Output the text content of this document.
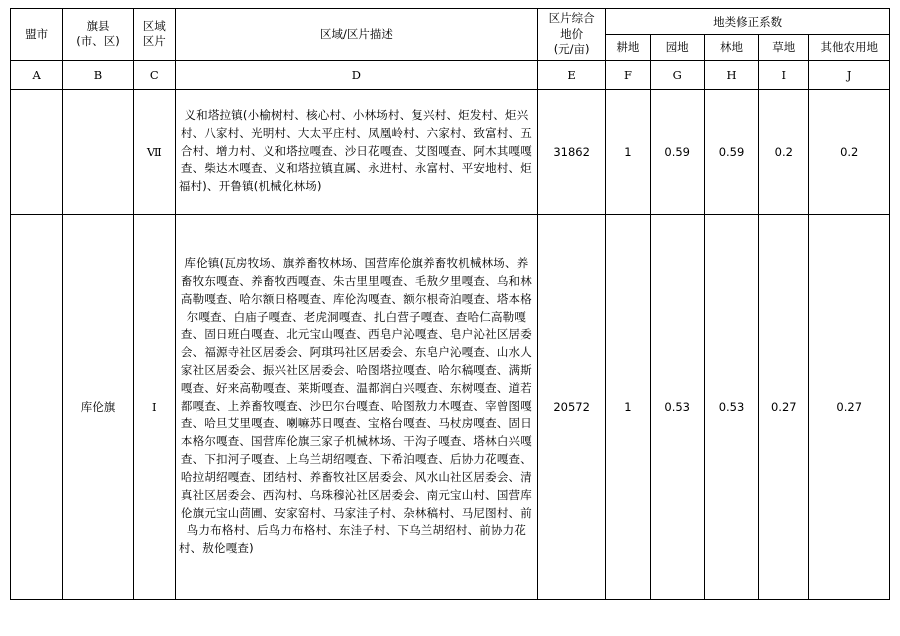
盟市	
旗县
(市、区)

区域
区片
	区域/区片描述	
区片综合
地价
(元/亩)
	地类修正系数
					耕地	园地	林地	草地	其他农用地
A	B	C	D	E	F	G	H	I	J
		Ⅶ	义和塔拉镇(小榆树村、核心村、小林场村、复兴村、炬发村、炬兴村、八家村、光明村、大太平庄村、凤凰岭村、六家村、致富村、五合村、增力村、义和塔拉嘎查、沙日花嘎查、艾图嘎查、阿木其嘎嘎查、柴达木嘎查、义和塔拉镇直属、永进村、永富村、平安地村、炬福村)、开鲁镇(机械化林场)	31862	1	0.59	0.59	0.2	0.2
	库伦旗	Ⅰ	库伦镇(瓦房牧场、旗养畜牧林场、国营库伦旗养畜牧机械林场、养畜牧东嘎查、养畜牧西嘎查、朱古里里嘎查、毛敖夕里嘎查、乌和林高勒嘎查、哈尔额日格嘎查、库伦沟嘎查、额尔根奇泊嘎查、塔本格尔嘎查、白庙子嘎查、老虎洞嘎查、扎白营子嘎查、查哈仁高勒嘎查、固日班白嘎查、北元宝山嘎查、西皂户沁嘎查、皂户沁社区居委会、福源寺社区居委会、阿琪玛社区居委会、东皂户沁嘎查、山水人家社区居委会、振兴社区居委会、哈图塔拉嘎查、哈尔稿嘎查、满斯嘎查、好来高勒嘎查、莱斯嘎查、温都润白兴嘎查、东树嘎查、道若都嘎查、上养畜牧嘎查、沙巴尔台嘎查、哈图敖力木嘎查、宰曾图嘎查、哈旦艾里嘎查、喇嘛苏日嘎查、宝格台嘎查、马杖房嘎查、固日本格尔嘎查、国营库伦旗三家子机械林场、干沟子嘎查、塔林白兴嘎查、下扣河子嘎查、上乌兰胡绍嘎查、下希泊嘎查、后协力花嘎查、哈拉胡绍嘎查、团结村、养畜牧社区居委会、风水山社区居委会、清真社区居委会、西沟村、乌珠穆沁社区居委会、南元宝山村、国营库伦旗元宝山茴圃、安家窑村、马家洼子村、杂林稿村、马尼图村、前鸟力布格村、后鸟力布格村、东洼子村、下乌兰胡绍村、前协力花村、敖伦嘎查)	20572	1	0.53	0.53	0.27	0.27
